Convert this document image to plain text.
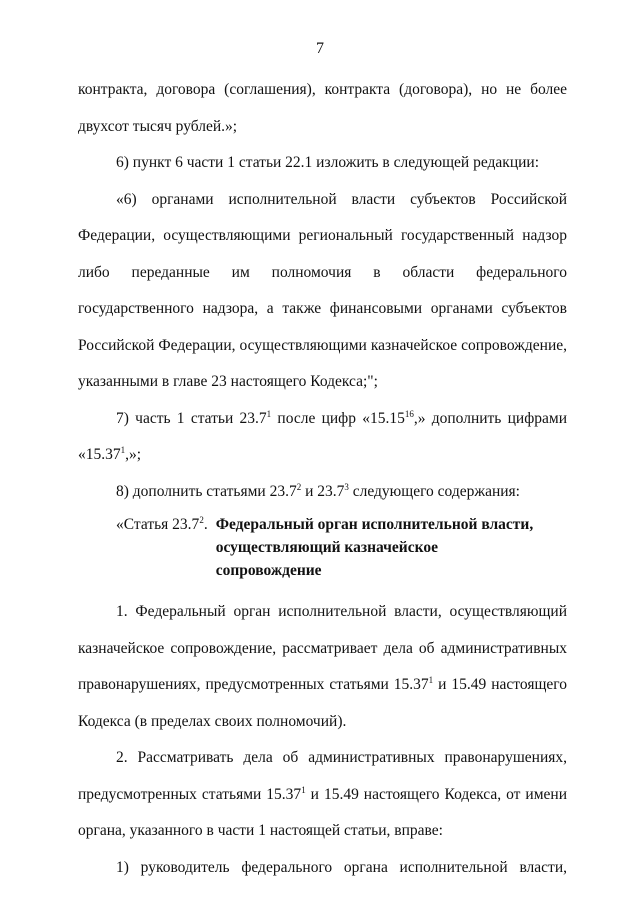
7

контракта, договора (соглашения), контракта (договора), но не более двухсот тысяч рублей.»;

6) пункт 6 части 1 статьи 22.1 изложить в следующей редакции:

«6) органами исполнительной власти субъектов Российской Федерации, осуществляющими региональный государственный надзор либо переданные им полномочия в области федерального государственного надзора, а также финансовыми органами субъектов Российской Федерации, осуществляющими казначейское сопровождение, указанными в главе 23 настоящего Кодекса;";

7) часть 1 статьи 23.7$^1$ после цифр «15.15$^{16}$,» дополнить цифрами «15.37$^1$,»;

8) дополнить статьями 23.7$^2$ и 23.7$^3$ следующего содержания:

«Статья 23.7$^2$. Федеральный орган исполнительной власти, осуществляющий казначейское сопровождение

1. Федеральный орган исполнительной власти, осуществляющий казначейское сопровождение, рассматривает дела об административных правонарушениях, предусмотренных статьями 15.37$^1$ и 15.49 настоящего Кодекса (в пределах своих полномочий).

2. Рассматривать дела об административных правонарушениях, предусмотренных статьями 15.37$^1$ и 15.49 настоящего Кодекса, от имени органа, указанного в части 1 настоящей статьи, вправе:

1) руководитель федерального органа исполнительной власти,
